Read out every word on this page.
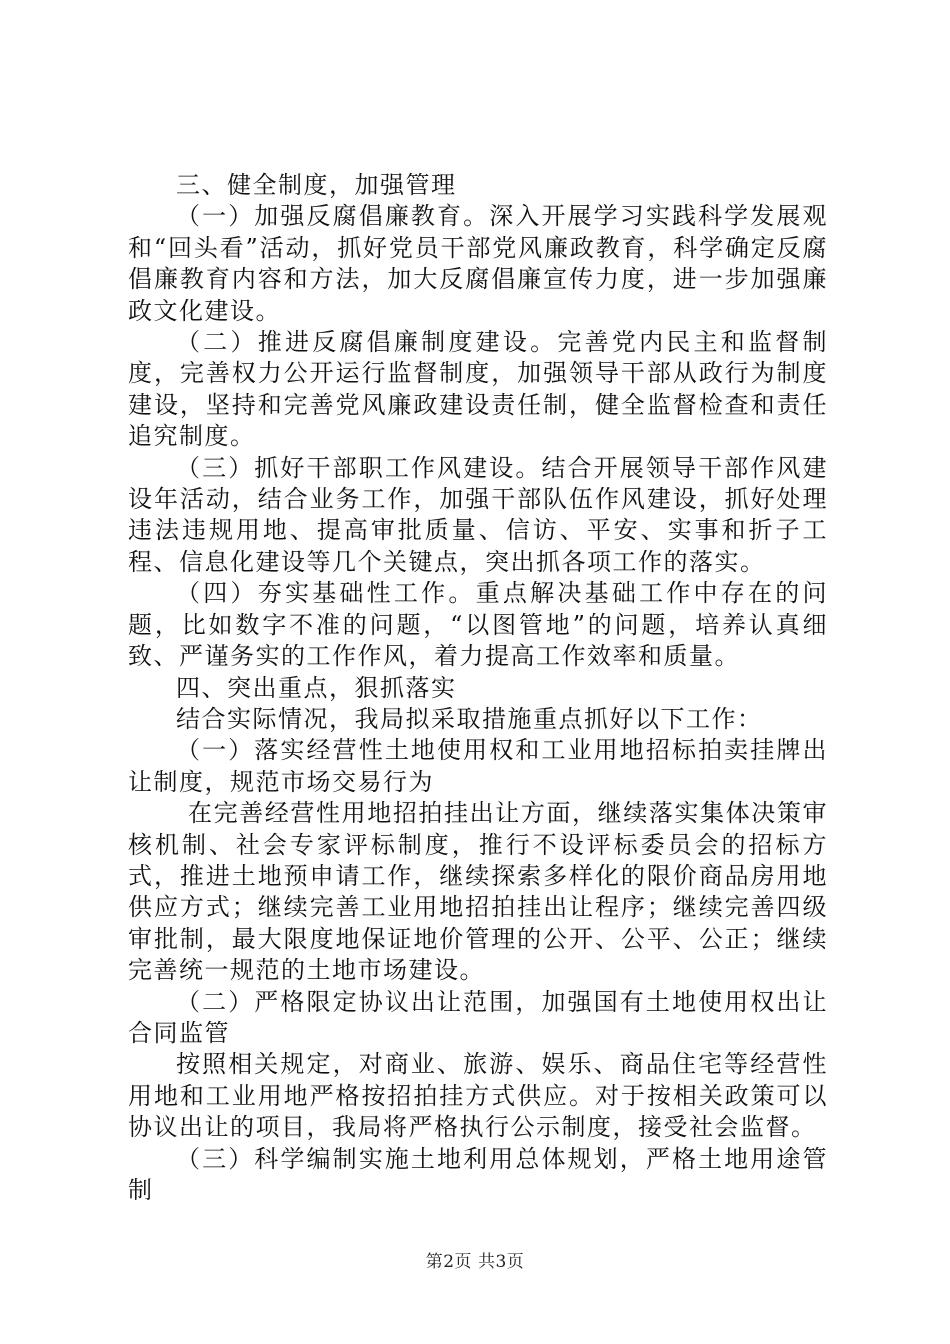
三、健全制度，加强管理

（一）加强反腐倡廉教育。深入开展学习实践科学发展观和“回头看”活动，抓好党员干部党风廉政教育，科学确定反腐倡廉教育内容和方法，加大反腐倡廉宣传力度，进一步加强廉政文化建设。

（二）推进反腐倡廉制度建设。完善党内民主和监督制度，完善权力公开运行监督制度，加强领导干部从政行为制度建设，坚持和完善党风廉政建设责任制，健全监督检查和责任追究制度。

（三）抓好干部职工作风建设。结合开展领导干部作风建设年活动，结合业务工作，加强干部队伍作风建设，抓好处理违法违规用地、提高审批质量、信访、平安、实事和折子工程、信息化建设等几个关键点，突出抓各项工作的落实。

（四）夯实基础性工作。重点解决基础工作中存在的问题，比如数字不准的问题，“以图管地”的问题，培养认真细致、严谨务实的工作作风，着力提高工作效率和质量。

四、突出重点，狠抓落实

结合实际情况，我局拟采取措施重点抓好以下工作：

（一）落实经营性土地使用权和工业用地招标拍卖挂牌出让制度，规范市场交易行为

在完善经营性用地招拍挂出让方面，继续落实集体决策审核机制、社会专家评标制度，推行不设评标委员会的招标方式，推进土地预申请工作，继续探索多样化的限价商品房用地供应方式；继续完善工业用地招拍挂出让程序；继续完善四级审批制，最大限度地保证地价管理的公开、公平、公正；继续完善统一规范的土地市场建设。

（二）严格限定协议出让范围，加强国有土地使用权出让合同监管

按照相关规定，对商业、旅游、娱乐、商品住宅等经营性用地和工业用地严格按招拍挂方式供应。对于按相关政策可以协议出让的项目，我局将严格执行公示制度，接受社会监督。

（三）科学编制实施土地利用总体规划，严格土地用途管制

第2页 共3页
